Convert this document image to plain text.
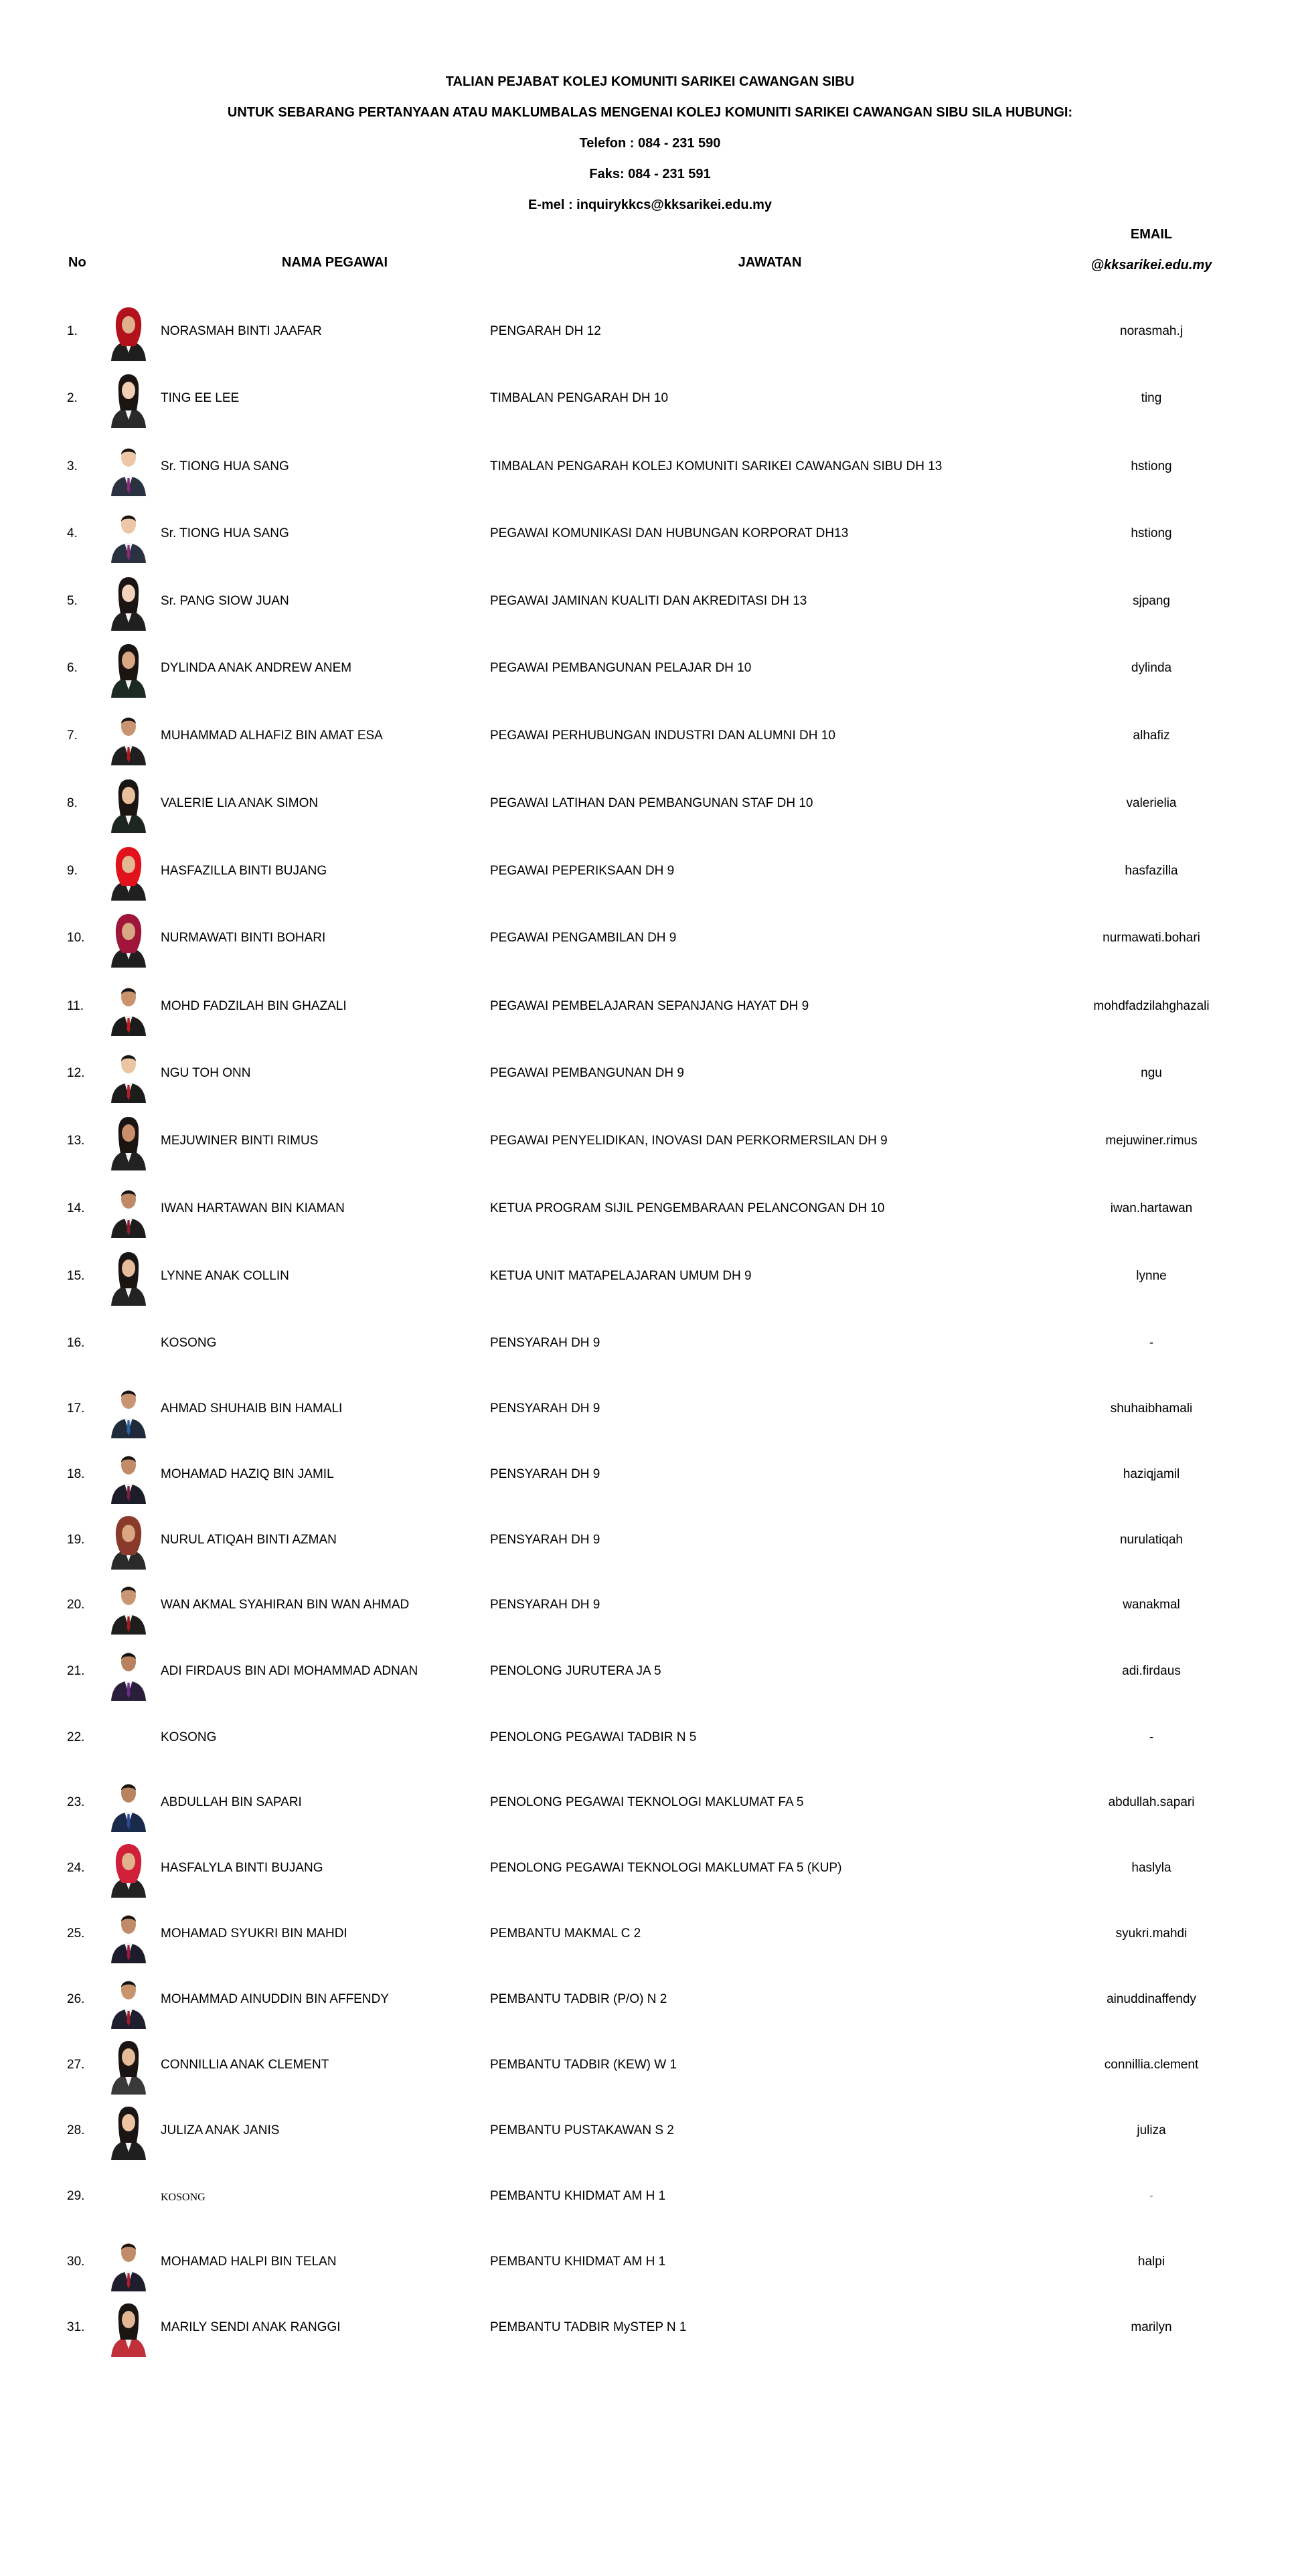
TALIAN PEJABAT KOLEJ KOMUNITI SARIKEI CAWANGAN SIBU
UNTUK SEBARANG PERTANYAAN ATAU MAKLUMBALAS MENGENAI KOLEJ KOMUNITI SARIKEI CAWANGAN SIBU SILA HUBUNGI:
Telefon : 084 - 231 590
Faks: 084 - 231 591
E-mel : inquirykkcs@kksarikei.edu.my
No	NAMA PEGAWAI	JAWATAN
EMAIL
@kksarikei.edu.my
1.	NORASMAH BINTI JAAFAR	PENGARAH DH 12	norasmah.j
2.	TING EE LEE	TIMBALAN PENGARAH DH 10	ting
3.	Sr. TIONG HUA SANG	TIMBALAN PENGARAH KOLEJ KOMUNITI SARIKEI CAWANGAN SIBU DH 13	hstiong
4.	Sr. TIONG HUA SANG	PEGAWAI KOMUNIKASI DAN HUBUNGAN KORPORAT DH13	hstiong
5.	Sr. PANG SIOW JUAN	PEGAWAI JAMINAN KUALITI DAN AKREDITASI DH 13	sjpang
6.	DYLINDA ANAK ANDREW ANEM	PEGAWAI PEMBANGUNAN PELAJAR DH 10	dylinda
7.	MUHAMMAD ALHAFIZ BIN AMAT ESA	PEGAWAI PERHUBUNGAN INDUSTRI DAN ALUMNI DH 10	alhafiz
8.	VALERIE LIA ANAK SIMON	PEGAWAI LATIHAN DAN PEMBANGUNAN STAF DH 10	valerielia
9.	HASFAZILLA BINTI BUJANG	PEGAWAI PEPERIKSAAN DH 9	hasfazilla
10.	NURMAWATI BINTI BOHARI	PEGAWAI PENGAMBILAN DH 9	nurmawati.bohari
11.	MOHD FADZILAH BIN GHAZALI	PEGAWAI PEMBELAJARAN SEPANJANG HAYAT DH 9	mohdfadzilahghazali
12.	NGU TOH ONN	PEGAWAI PEMBANGUNAN DH 9	ngu
13.	MEJUWINER BINTI RIMUS	PEGAWAI PENYELIDIKAN, INOVASI DAN PERKORMERSILAN DH 9	mejuwiner.rimus
14.	IWAN HARTAWAN BIN KIAMAN	KETUA PROGRAM SIJIL PENGEMBARAAN PELANCONGAN DH 10	iwan.hartawan
15.	LYNNE ANAK COLLIN	KETUA UNIT MATAPELAJARAN UMUM DH 9	lynne
16.	KOSONG	PENSYARAH DH 9	-
17.	AHMAD SHUHAIB BIN HAMALI	PENSYARAH DH 9	shuhaibhamali
18.	MOHAMAD HAZIQ BIN JAMIL	PENSYARAH DH 9	haziqjamil
19.	NURUL ATIQAH BINTI AZMAN	PENSYARAH DH 9	nurulatiqah
20.	WAN AKMAL SYAHIRAN BIN WAN AHMAD	PENSYARAH DH 9	wanakmal
21.	ADI FIRDAUS BIN ADI MOHAMMAD ADNAN	PENOLONG JURUTERA JA 5	adi.firdaus
22.	KOSONG	PENOLONG PEGAWAI TADBIR N 5	-
23.	ABDULLAH BIN SAPARI	PENOLONG PEGAWAI TEKNOLOGI MAKLUMAT FA 5	abdullah.sapari
24.	HASFALYLA BINTI BUJANG	PENOLONG PEGAWAI TEKNOLOGI MAKLUMAT FA 5 (KUP)	haslyla
25.	MOHAMAD SYUKRI BIN MAHDI	PEMBANTU MAKMAL C 2	syukri.mahdi
26.	MOHAMMAD AINUDDIN BIN AFFENDY	PEMBANTU TADBIR (P/O) N 2	ainuddinaffendy
27.	CONNILLIA ANAK CLEMENT	PEMBANTU TADBIR (KEW) W 1	connillia.clement
28.	JULIZA ANAK JANIS	PEMBANTU PUSTAKAWAN S 2	juliza
29.	KOSONG	PEMBANTU KHIDMAT AM H 1	-
30.	MOHAMAD HALPI BIN TELAN	PEMBANTU KHIDMAT AM H 1	halpi
31.	MARILY SENDI ANAK RANGGI	PEMBANTU TADBIR MySTEP N 1	marilyn
